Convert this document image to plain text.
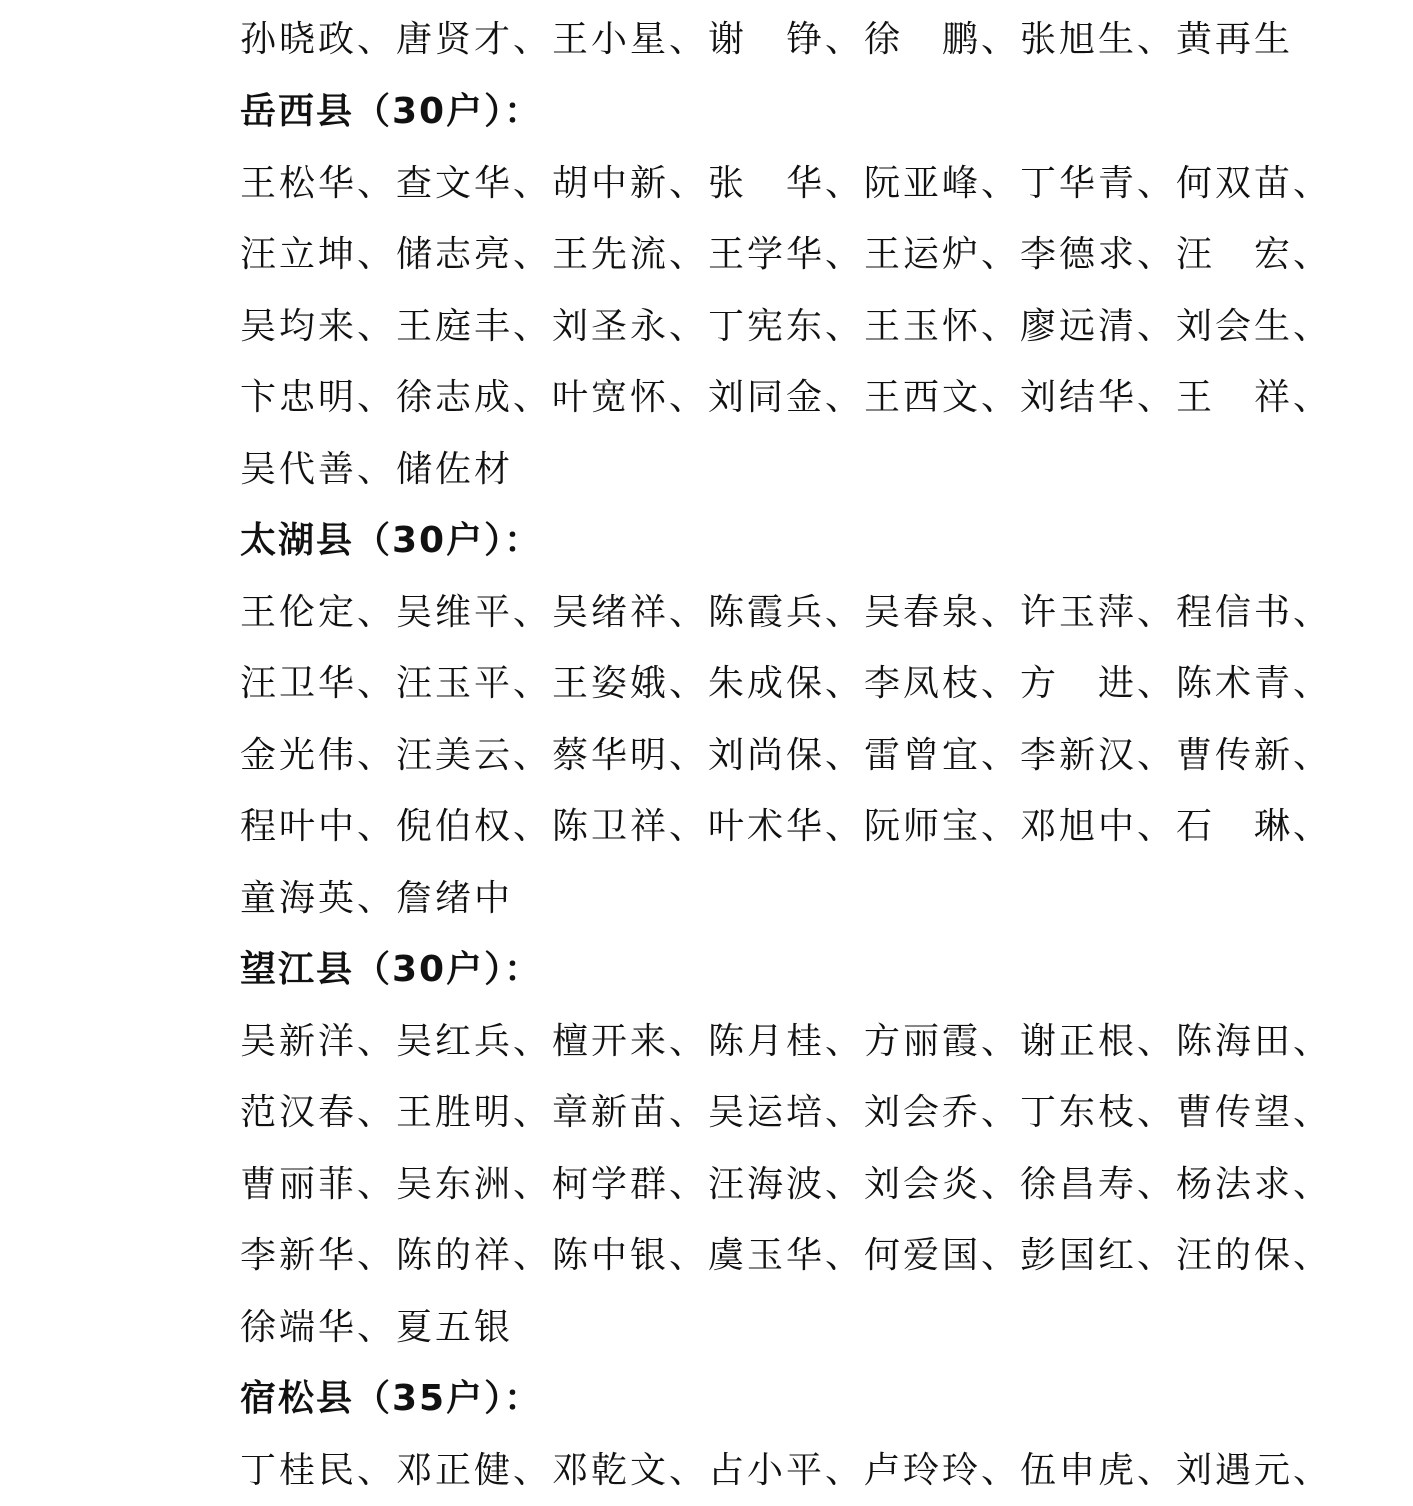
孙晓政、唐贤才、王小星、谢　铮、徐　鹏、张旭生、黄再生
岳西县（30户）：
王松华、查文华、胡中新、张　华、阮亚峰、丁华青、何双苗、
汪立坤、储志亮、王先流、王学华、王运炉、李德求、汪　宏、
吴均来、王庭丰、刘圣永、丁宪东、王玉怀、廖远清、刘会生、
卞忠明、徐志成、叶宽怀、刘同金、王西文、刘结华、王　祥、
吴代善、储佐材
太湖县（30户）：
王伦定、吴维平、吴绪祥、陈霞兵、吴春泉、许玉萍、程信书、
汪卫华、汪玉平、王姿娥、朱成保、李凤枝、方　进、陈术青、
金光伟、汪美云、蔡华明、刘尚保、雷曾宜、李新汉、曹传新、
程叶中、倪伯权、陈卫祥、叶术华、阮师宝、邓旭中、石　琳、
童海英、詹绪中
望江县（30户）：
吴新洋、吴红兵、檀开来、陈月桂、方丽霞、谢正根、陈海田、
范汉春、王胜明、章新苗、吴运培、刘会乔、丁东枝、曹传望、
曹丽菲、吴东洲、柯学群、汪海波、刘会炎、徐昌寿、杨法求、
李新华、陈的祥、陈中银、虞玉华、何爱国、彭国红、汪的保、
徐端华、夏五银
宿松县（35户）：
丁桂民、邓正健、邓乾文、占小平、卢玲玲、伍申虎、刘遇元、
